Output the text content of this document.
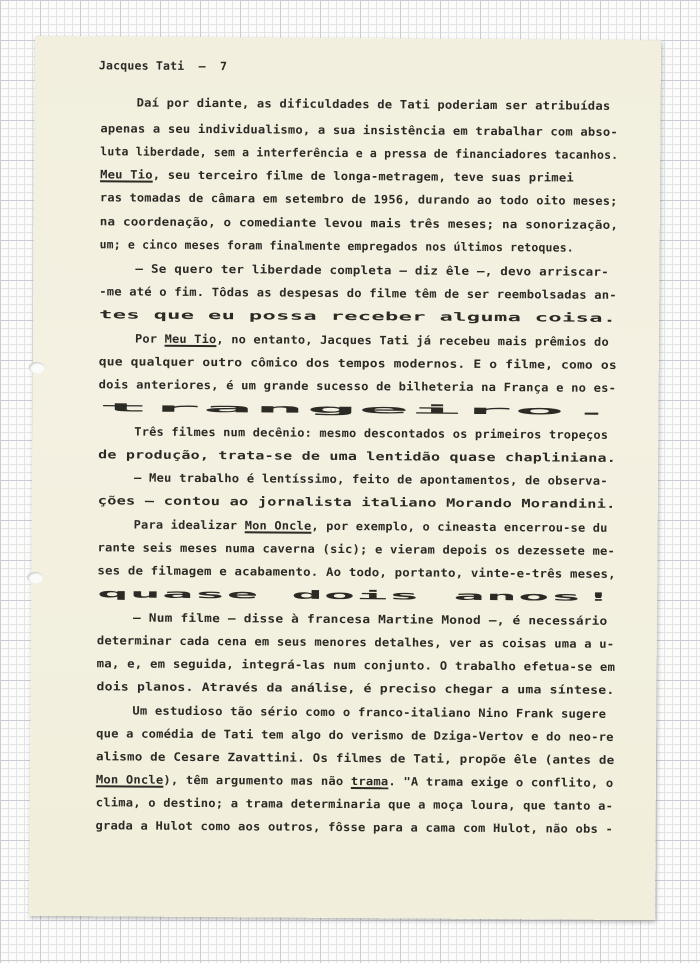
Jacques Tati  —  7
Daí por diante, as dificuldades de Tati poderiam ser atribuídas
apenas a seu individualismo, a sua insistência em trabalhar com abso-
luta liberdade, sem a interferência e a pressa de financiadores tacanhos.
Meu Tio, seu terceiro filme de longa-metragem, teve suas primei
ras tomadas de câmara em setembro de 1956, durando ao todo oito meses;
na coordenação, o comediante levou mais três meses; na sonorização,
um; e cinco meses foram finalmente empregados nos últimos retoques.
— Se quero ter liberdade completa — diz êle —, devo arriscar-
-me até o fim. Tôdas as despesas do filme têm de ser reembolsadas an-
tes que eu possa receber alguma coisa.
Por Meu Tio, no entanto, Jacques Tati já recebeu mais prêmios do
que qualquer outro cômico dos tempos modernos. E o filme, como os
dois anteriores, é um grande sucesso de bilheteria na França e no es-
trangeiro.
Três filmes num decênio: mesmo descontados os primeiros tropeços
de produção, trata-se de uma lentidão quase chapliniana.
— Meu trabalho é lentíssimo, feito de apontamentos, de observa-
ções — contou ao jornalista italiano Morando Morandini.
Para idealizar Mon Oncle, por exemplo, o cineasta encerrou-se du
rante seis meses numa caverna (sic); e vieram depois os dezessete me-
ses de filmagem e acabamento. Ao todo, portanto, vinte-e-três meses,
quase dois anos!
— Num filme — disse à francesa Martine Monod —, é necessário
determinar cada cena em seus menores detalhes, ver as coisas uma a u-
ma, e, em seguida, integrá-las num conjunto. O trabalho efetua-se em
dois planos. Através da análise, é preciso chegar a uma síntese.
Um estudioso tão sério como o franco-italiano Nino Frank sugere
que a comédia de Tati tem algo do verismo de Dziga-Vertov e do neo-re
alismo de Cesare Zavattini. Os filmes de Tati, propõe êle (antes de
Mon Oncle), têm argumento mas não trama. "A trama exige o conflito, o
clima, o destino; a trama determinaria que a moça loura, que tanto a-
grada a Hulot como aos outros, fôsse para a cama com Hulot, não obs -
